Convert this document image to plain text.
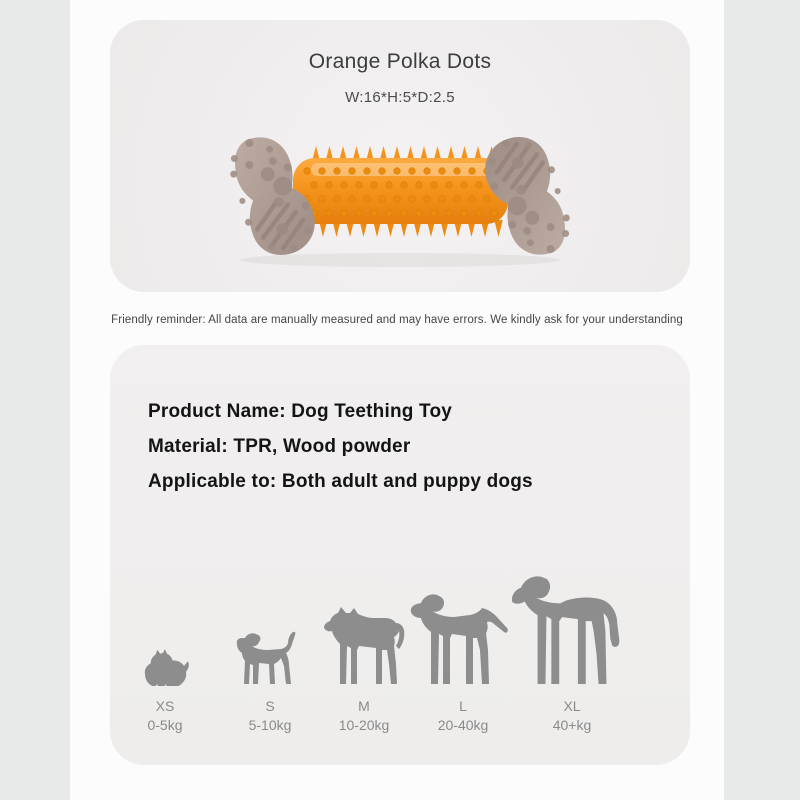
Orange Polka Dots
W:16*H:5*D:2.5
Friendly reminder: All data are manually measured and may have errors. We kindly ask for your understanding
Product Name: Dog Teething Toy
Material: TPR, Wood powder
Applicable to: Both adult and puppy dogs
XS
0-5kg
S
5-10kg
M
10-20kg
L
20-40kg
XL
40+kg
